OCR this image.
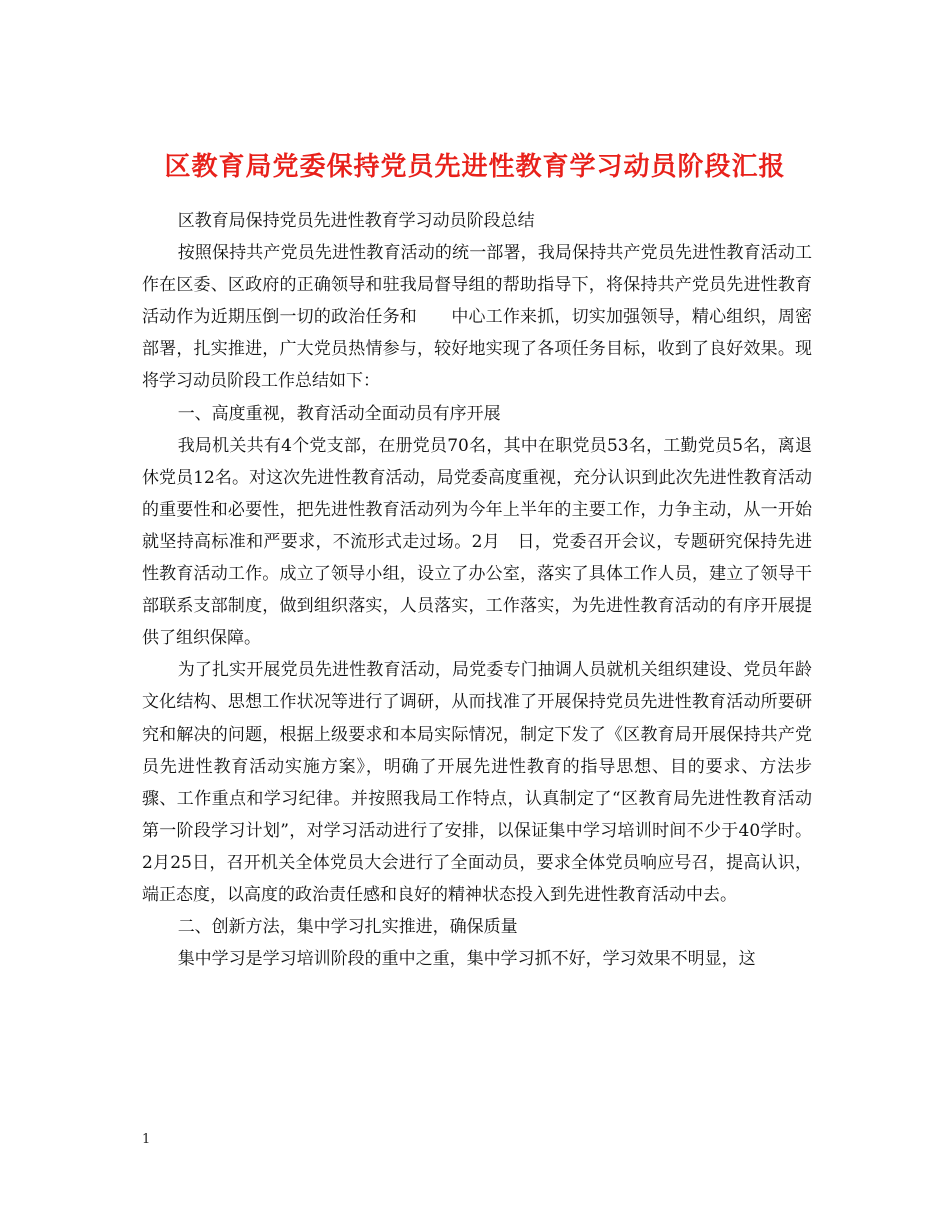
区教育局党委保持党员先进性教育学习动员阶段汇报

区教育局保持党员先进性教育学习动员阶段总结

按照保持共产党员先进性教育活动的统一部署，我局保持共产党员先进性教育活动工作在区委、区政府的正确领导和驻我局督导组的帮助指导下，将保持共产党员先进性教育活动作为近期压倒一切的政治任务和　　中心工作来抓，切实加强领导，精心组织，周密部署，扎实推进，广大党员热情参与，较好地实现了各项任务目标，收到了良好效果。现将学习动员阶段工作总结如下：

一、高度重视，教育活动全面动员有序开展

我局机关共有4个党支部，在册党员70名，其中在职党员53名，工勤党员5名，离退休党员12名。对这次先进性教育活动，局党委高度重视，充分认识到此次先进性教育活动的重要性和必要性，把先进性教育活动列为今年上半年的主要工作，力争主动，从一开始就坚持高标准和严要求，不流形式走过场。2月　日，党委召开会议，专题研究保持先进性教育活动工作。成立了领导小组，设立了办公室，落实了具体工作人员，建立了领导干部联系支部制度，做到组织落实，人员落实，工作落实，为先进性教育活动的有序开展提供了组织保障。

为了扎实开展党员先进性教育活动，局党委专门抽调人员就机关组织建设、党员年龄文化结构、思想工作状况等进行了调研，从而找准了开展保持党员先进性教育活动所要研究和解决的问题，根据上级要求和本局实际情况，制定下发了《区教育局开展保持共产党员先进性教育活动实施方案》，明确了开展先进性教育的指导思想、目的要求、方法步骤、工作重点和学习纪律。并按照我局工作特点，认真制定了“区教育局先进性教育活动第一阶段学习计划”，对学习活动进行了安排，以保证集中学习培训时间不少于40学时。2月25日，召开机关全体党员大会进行了全面动员，要求全体党员响应号召，提高认识，端正态度，以高度的政治责任感和良好的精神状态投入到先进性教育活动中去。

二、创新方法，集中学习扎实推进，确保质量

集中学习是学习培训阶段的重中之重，集中学习抓不好，学习效果不明显，这

1
